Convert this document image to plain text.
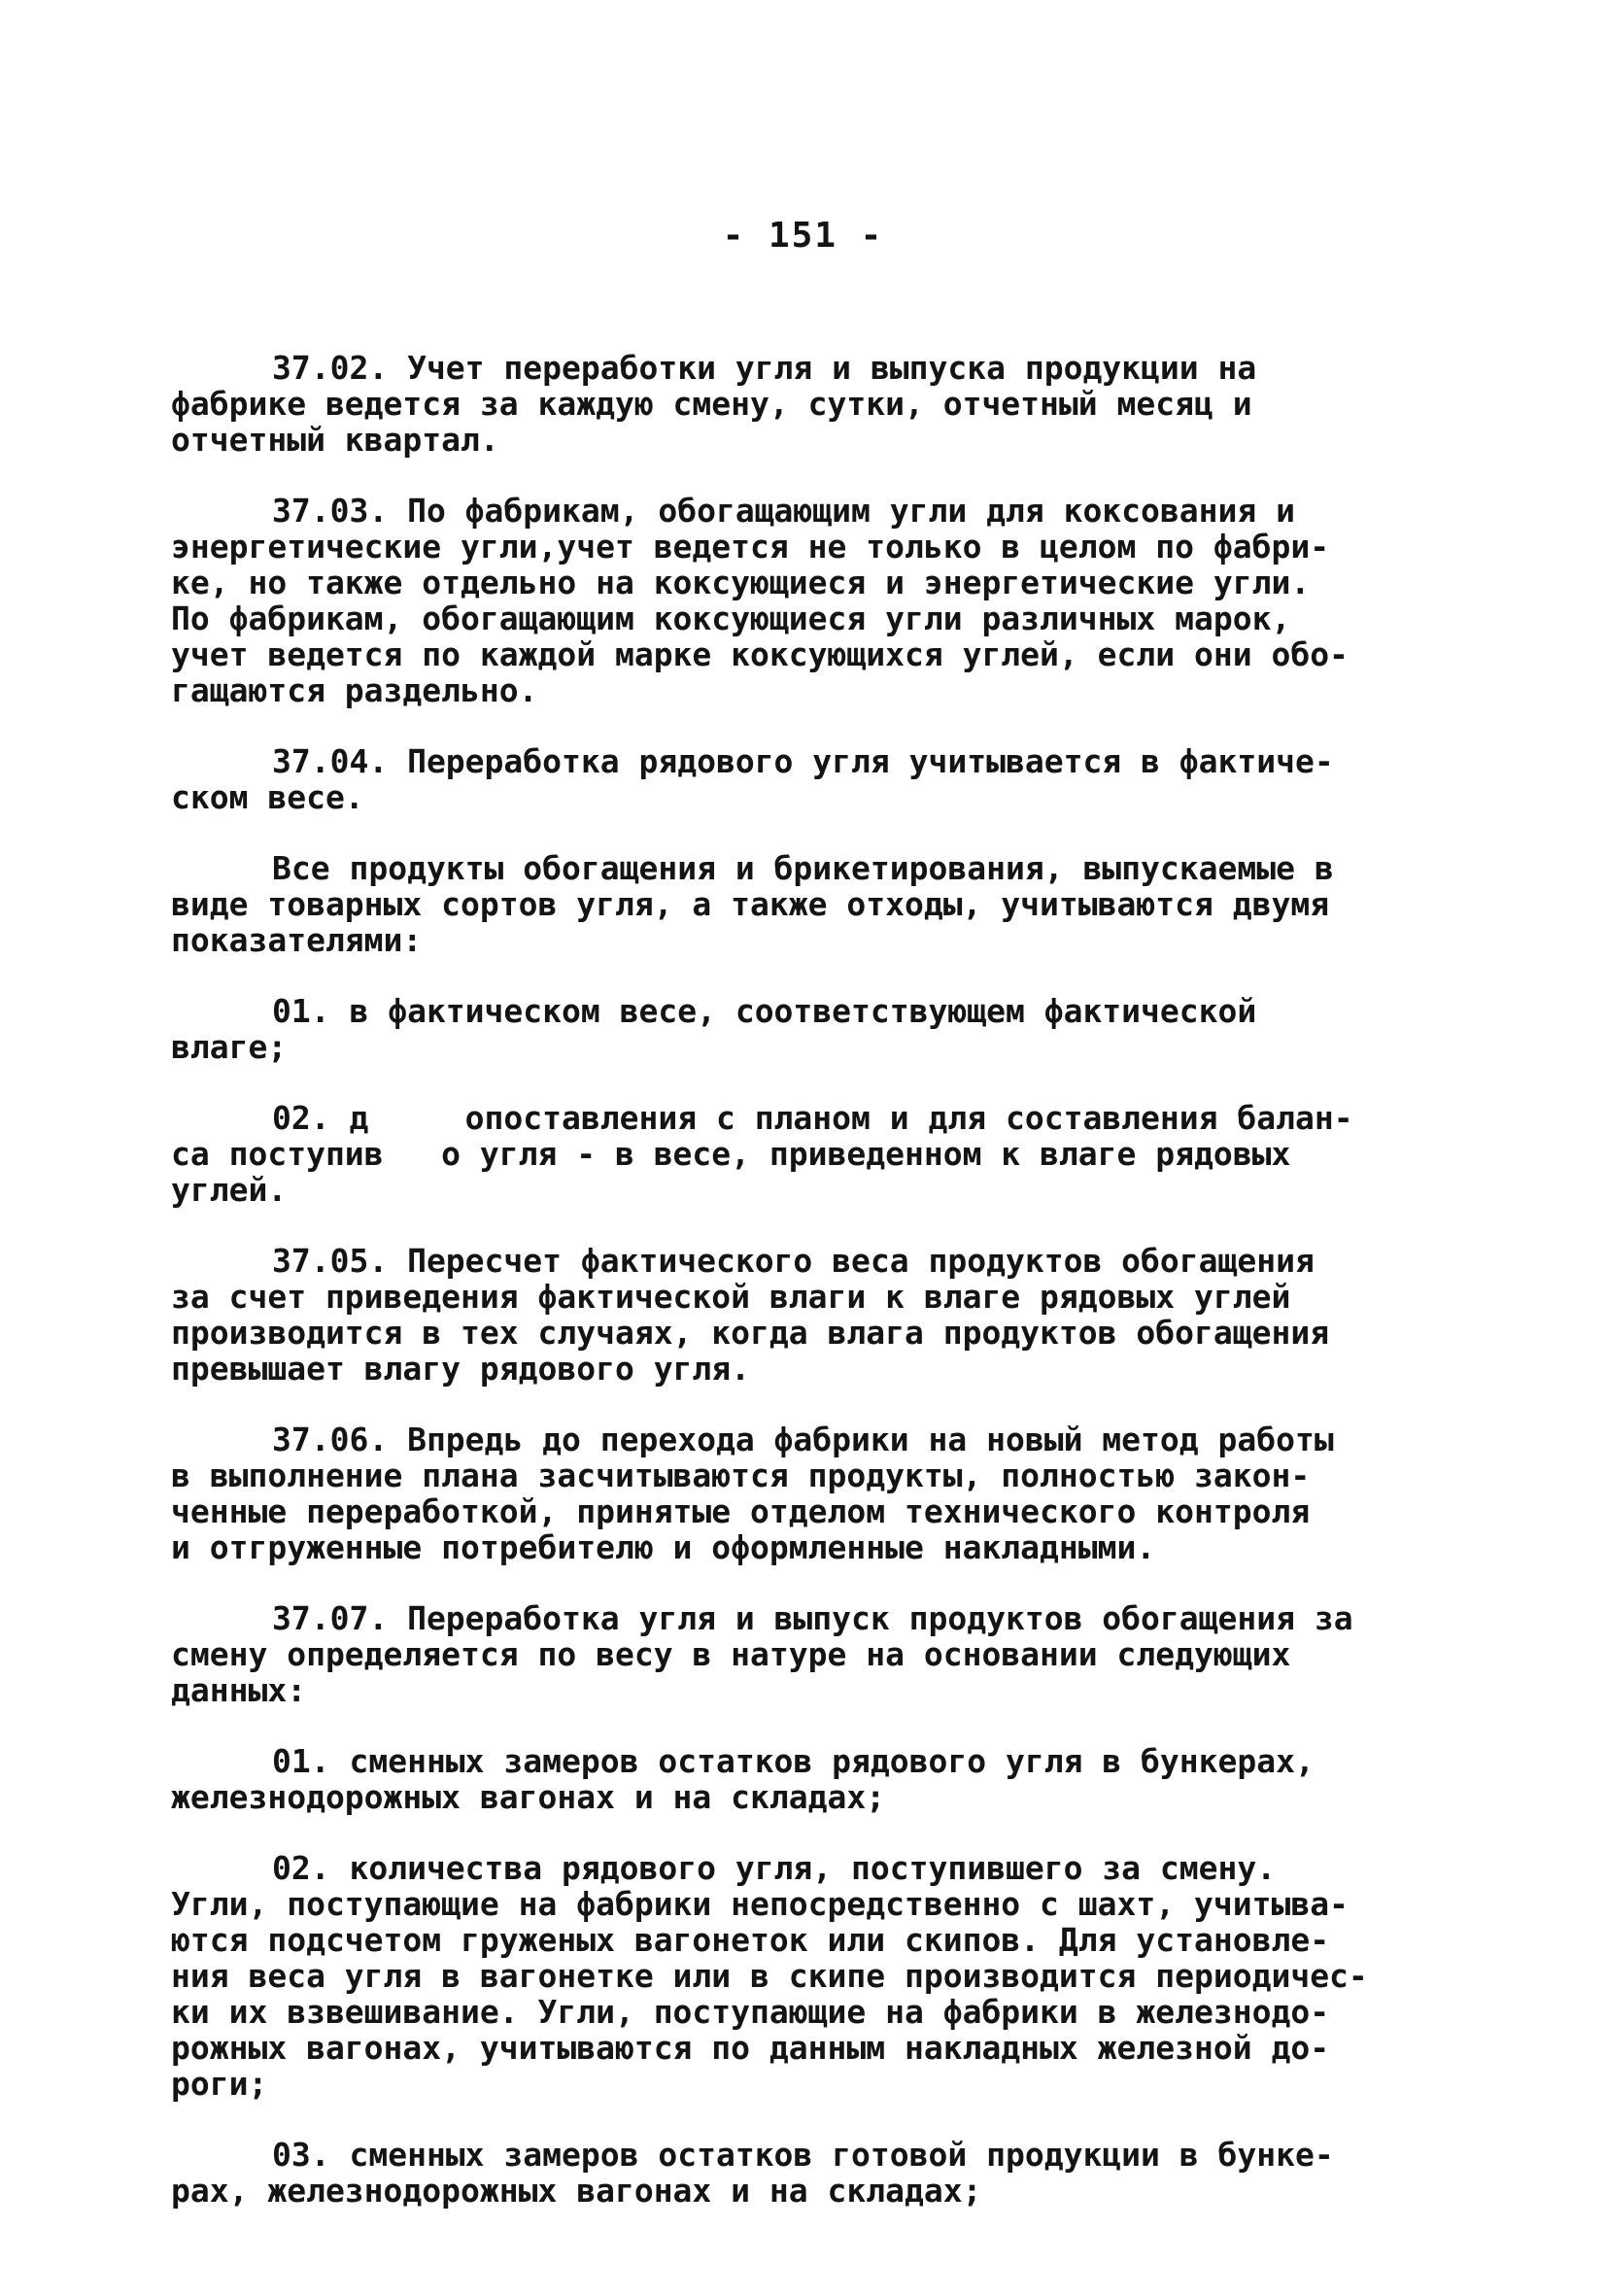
- 151 -

37.02. Учет переработки угля и выпуска продукции на
фабрике ведется за каждую смену, сутки, отчетный месяц и
отчетный квартал.

37.03. По фабрикам, обогащающим угли для коксования и
энергетические угли,учет ведется не только в целом по фабри-
ке, но также отдельно на коксующиеся и энергетические угли.
По фабрикам, обогащающим коксующиеся угли различных марок,
учет ведется по каждой марке коксующихся углей, если они обо-
гащаются раздельно.

37.04. Переработка рядового угля учитывается в фактиче-
ском весе.

Все продукты обогащения и брикетирования, выпускаемые в
виде товарных сортов угля, а также отходы, учитываются двумя
показателями:

01. в фактическом весе, соответствующем фактической
влаге;

02. д     опоставления с планом и для составления балан-
са поступив   о угля - в весе, приведенном к влаге рядовых
углей.

37.05. Пересчет фактического веса продуктов обогащения
за счет приведения фактической влаги к влаге рядовых углей
производится в тех случаях, когда влага продуктов обогащения
превышает влагу рядового угля.

37.06. Впредь до перехода фабрики на новый метод работы
в выполнение плана засчитываются продукты, полностью закон-
ченные переработкой, принятые отделом технического контроля
и отгруженные потребителю и оформленные накладными.

37.07. Переработка угля и выпуск продуктов обогащения за
смену определяется по весу в натуре на основании следующих
данных:

01. сменных замеров остатков рядового угля в бункерах,
железнодорожных вагонах и на складах;

02. количества рядового угля, поступившего за смену.
Угли, поступающие на фабрики непосредственно с шахт, учитыва-
ются подсчетом груженых вагонеток или скипов. Для установле-
ния веса угля в вагонетке или в скипе производится периодичес-
ки их взвешивание. Угли, поступающие на фабрики в железнодо-
рожных вагонах, учитываются по данным накладных железной до-
роги;

03. сменных замеров остатков готовой продукции в бунке-
рах, железнодорожных вагонах и на складах;
